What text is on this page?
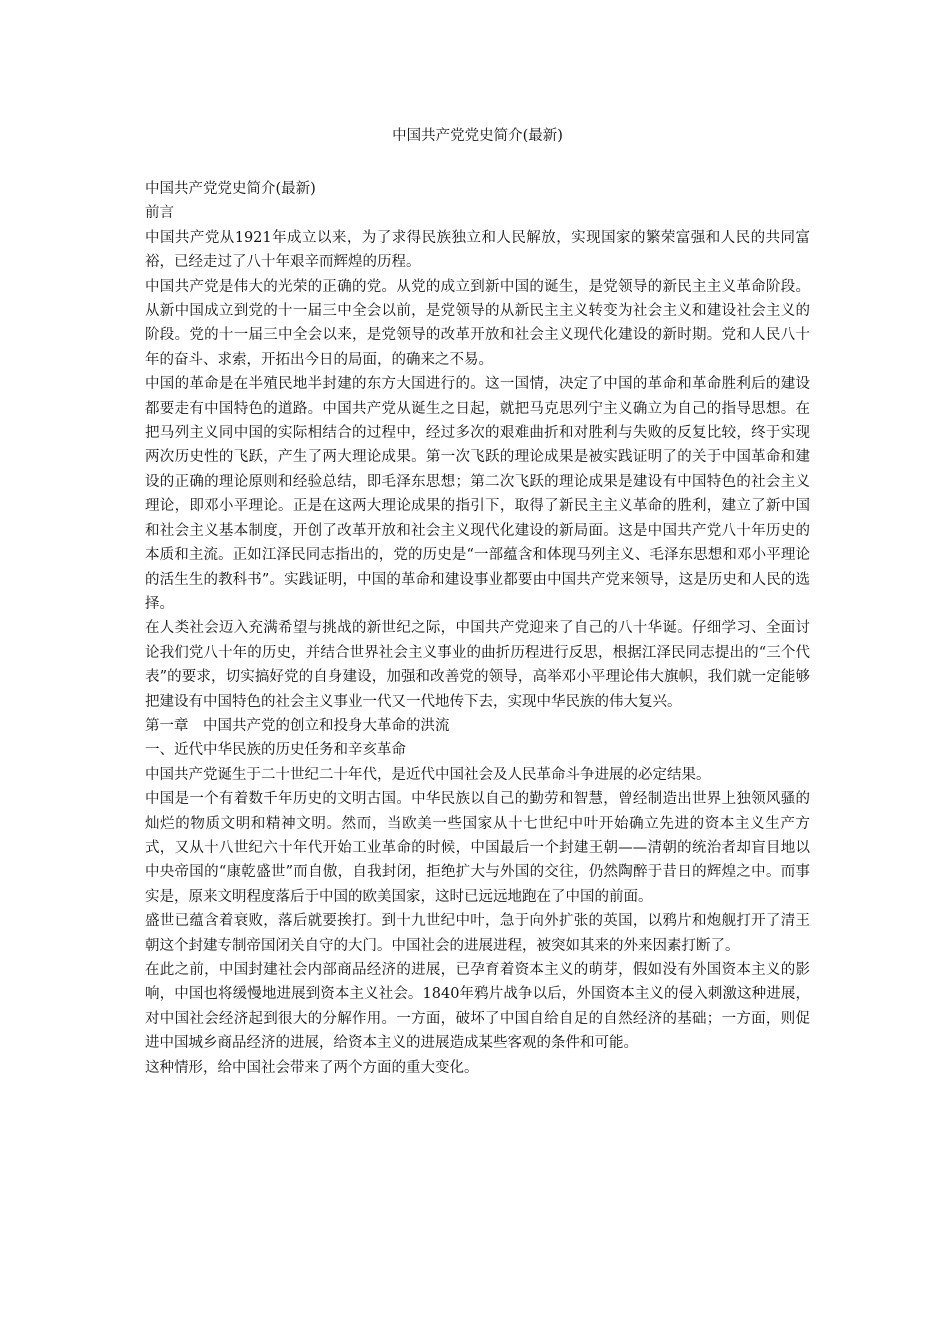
中国共产党党史简介(最新)

中国共产党党史简介(最新)

前言

中国共产党从1921年成立以来，为了求得民族独立和人民解放，实现国家的繁荣富强和人民的共同富裕，已经走过了八十年艰辛而辉煌的历程。

中国共产党是伟大的光荣的正确的党。从党的成立到新中国的诞生，是党领导的新民主主义革命阶段。从新中国成立到党的十一届三中全会以前，是党领导的从新民主主义转变为社会主义和建设社会主义的阶段。党的十一届三中全会以来，是党领导的改革开放和社会主义现代化建设的新时期。党和人民八十年的奋斗、求索，开拓出今日的局面，的确来之不易。

中国的革命是在半殖民地半封建的东方大国进行的。这一国情，决定了中国的革命和革命胜利后的建设都要走有中国特色的道路。中国共产党从诞生之日起，就把马克思列宁主义确立为自己的指导思想。在把马列主义同中国的实际相结合的过程中，经过多次的艰难曲折和对胜利与失败的反复比较，终于实现两次历史性的飞跃，产生了两大理论成果。第一次飞跃的理论成果是被实践证明了的关于中国革命和建设的正确的理论原则和经验总结，即毛泽东思想；第二次飞跃的理论成果是建设有中国特色的社会主义理论，即邓小平理论。正是在这两大理论成果的指引下，取得了新民主主义革命的胜利，建立了新中国和社会主义基本制度，开创了改革开放和社会主义现代化建设的新局面。这是中国共产党八十年历史的本质和主流。正如江泽民同志指出的，党的历史是“一部蕴含和体现马列主义、毛泽东思想和邓小平理论的活生生的教科书”。实践证明，中国的革命和建设事业都要由中国共产党来领导，这是历史和人民的选择。

在人类社会迈入充满希望与挑战的新世纪之际，中国共产党迎来了自己的八十华诞。仔细学习、全面讨论我们党八十年的历史，并结合世界社会主义事业的曲折历程进行反思，根据江泽民同志提出的“三个代表”的要求，切实搞好党的自身建设，加强和改善党的领导，高举邓小平理论伟大旗帜，我们就一定能够把建设有中国特色的社会主义事业一代又一代地传下去，实现中华民族的伟大复兴。

第一章　中国共产党的创立和投身大革命的洪流

一、近代中华民族的历史任务和辛亥革命

中国共产党诞生于二十世纪二十年代，是近代中国社会及人民革命斗争进展的必定结果。

中国是一个有着数千年历史的文明古国。中华民族以自己的勤劳和智慧，曾经制造出世界上独领风骚的灿烂的物质文明和精神文明。然而，当欧美一些国家从十七世纪中叶开始确立先进的资本主义生产方式，又从十八世纪六十年代开始工业革命的时候，中国最后一个封建王朝——清朝的统治者却盲目地以中央帝国的“康乾盛世”而自傲，自我封闭，拒绝扩大与外国的交往，仍然陶醉于昔日的辉煌之中。而事实是，原来文明程度落后于中国的欧美国家，这时已远远地跑在了中国的前面。

盛世已蕴含着衰败，落后就要挨打。到十九世纪中叶，急于向外扩张的英国，以鸦片和炮舰打开了清王朝这个封建专制帝国闭关自守的大门。中国社会的进展进程，被突如其来的外来因素打断了。

在此之前，中国封建社会内部商品经济的进展，已孕育着资本主义的萌芽，假如没有外国资本主义的影响，中国也将缓慢地进展到资本主义社会。1840年鸦片战争以后，外国资本主义的侵入刺激这种进展，对中国社会经济起到很大的分解作用。一方面，破坏了中国自给自足的自然经济的基础；一方面，则促进中国城乡商品经济的进展，给资本主义的进展造成某些客观的条件和可能。

这种情形，给中国社会带来了两个方面的重大变化。
